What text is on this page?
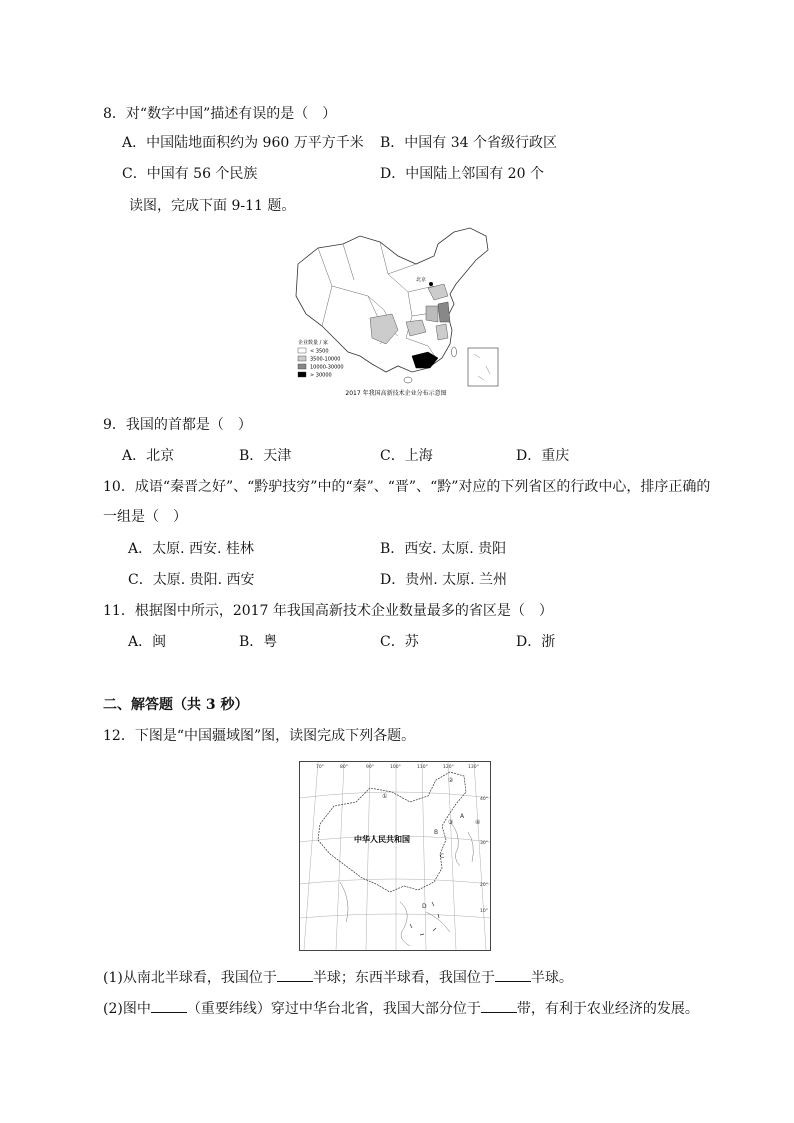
8．对“数字中国”描述有误的是（　）
A．中国陆地面积约为 960 万平方千米 B．中国有 34 个省级行政区
C．中国有 56 个民族	D．中国陆上邻国有 20 个
读图，完成下面 9-11 题。
北京
企业数量 / 家
< 3500
3500-10000
10000-30000
> 30000
2017 年我国高新技术企业分布示意图
9．我国的首都是（　）
A．北京	B．天津	C．上海	D．重庆
10．成语“秦晋之好”、“黔驴技穷”中的“秦”、“晋”、“黔”对应的下列省区的行政中心，排序正确的
一组是（　）
A．太原. 西安. 桂林	B．西安. 太原. 贵阳
C．太原. 贵阳. 西安	D．贵州. 太原. 兰州
11．根据图中所示，2017 年我国高新技术企业数量最多的省区是（　）
A．闽	B．粤	C．苏	D．浙
二、解答题（共 3 秒）
12．下图是“中国疆域图”图，读图完成下列各题。
70°	80°	90°	100°	110°	120°	130°
40°
30°
20°
10°
①
②
③	④
A
B
C
D
中华人民共和国
(1)从南北半球看，我国位于	半球；东西半球看，我国位于	半球。
(2)图中	（重要纬线）穿过中华台北省，我国大部分位于	带，有利于农业经济的发展。
